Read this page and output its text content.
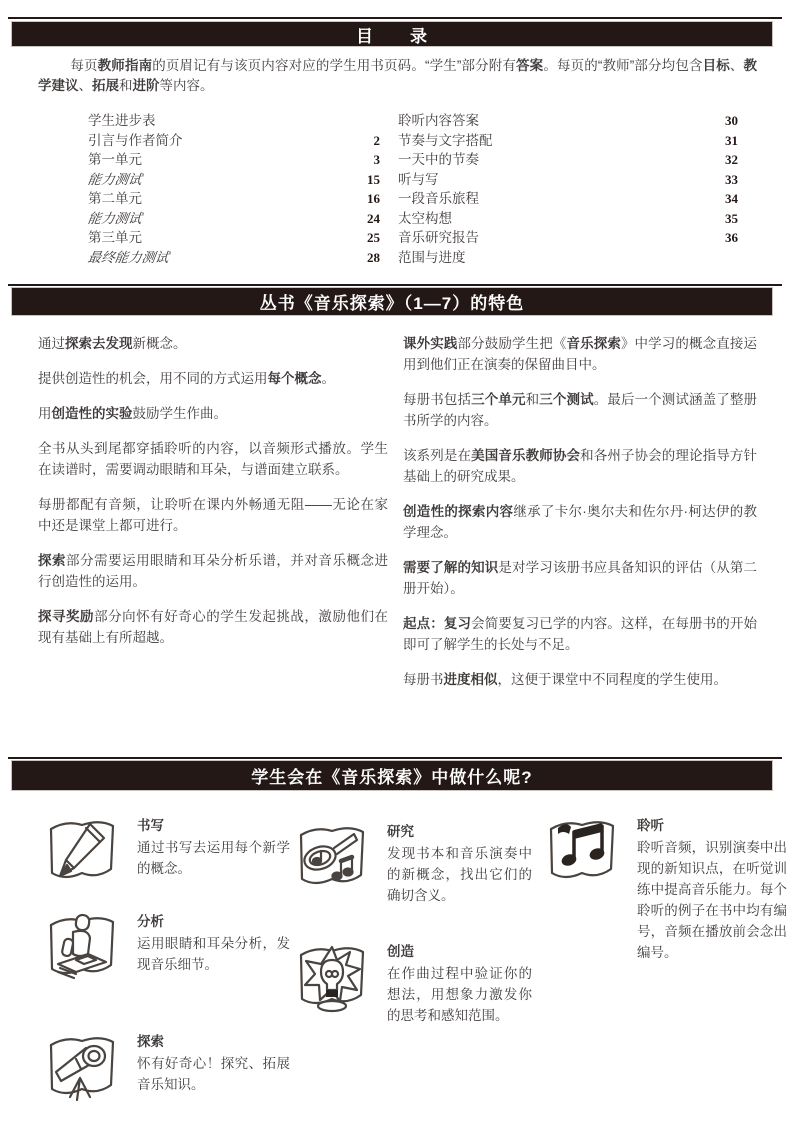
目　　录

每页教师指南的页眉记有与该页内容对应的学生用书页码。“学生”部分附有答案。每页的“教师”部分均包含目标、教学建议、拓展和进阶等内容。

学生进步表
引言与作者简介	2
第一单元	3
能力测试	15
第二单元	16
能力测试	24
第三单元	25
最终能力测试	28
聆听内容答案	30
节奏与文字搭配	31
一天中的节奏	32
听与写	33
一段音乐旅程	34
太空构想	35
音乐研究报告	36
范围与进度
丛书《音乐探索》（1—7）的特色

通过探索去发现新概念。

提供创造性的机会，用不同的方式运用每个概念。

用创造性的实验鼓励学生作曲。

全书从头到尾都穿插聆听的内容，以音频形式播放。学生在读谱时，需要调动眼睛和耳朵，与谱面建立联系。

每册都配有音频，让聆听在课内外畅通无阻——无论在家中还是课堂上都可进行。

探索部分需要运用眼睛和耳朵分析乐谱，并对音乐概念进行创造性的运用。

探寻奖励部分向怀有好奇心的学生发起挑战，激励他们在现有基础上有所超越。

课外实践部分鼓励学生把《音乐探索》中学习的概念直接运用到他们正在演奏的保留曲目中。

每册书包括三个单元和三个测试。最后一个测试涵盖了整册书所学的内容。

该系列是在美国音乐教师协会和各州子协会的理论指导方针基础上的研究成果。

创造性的探索内容继承了卡尔·奥尔夫和佐尔丹·柯达伊的教学理念。

需要了解的知识是对学习该册书应具备知识的评估（从第二册开始）。

起点：复习会简要复习已学的内容。这样，在每册书的开始即可了解学生的长处与不足。

每册书进度相似，这便于课堂中不同程度的学生使用。

学生会在《音乐探索》中做什么呢?
书写
通过书写去运用每个新学的概念。
分析
运用眼睛和耳朵分析，发现音乐细节。
探索
怀有好奇心！探究、拓展音乐知识。
研究
发现书本和音乐演奏中的新概念，找出它们的确切含义。
创造
在作曲过程中验证你的想法，用想象力激发你的思考和感知范围。
聆听
聆听音频，识别演奏中出现的新知识点，在听觉训练中提高音乐能力。每个聆听的例子在书中均有编号，音频在播放前会念出编号。
